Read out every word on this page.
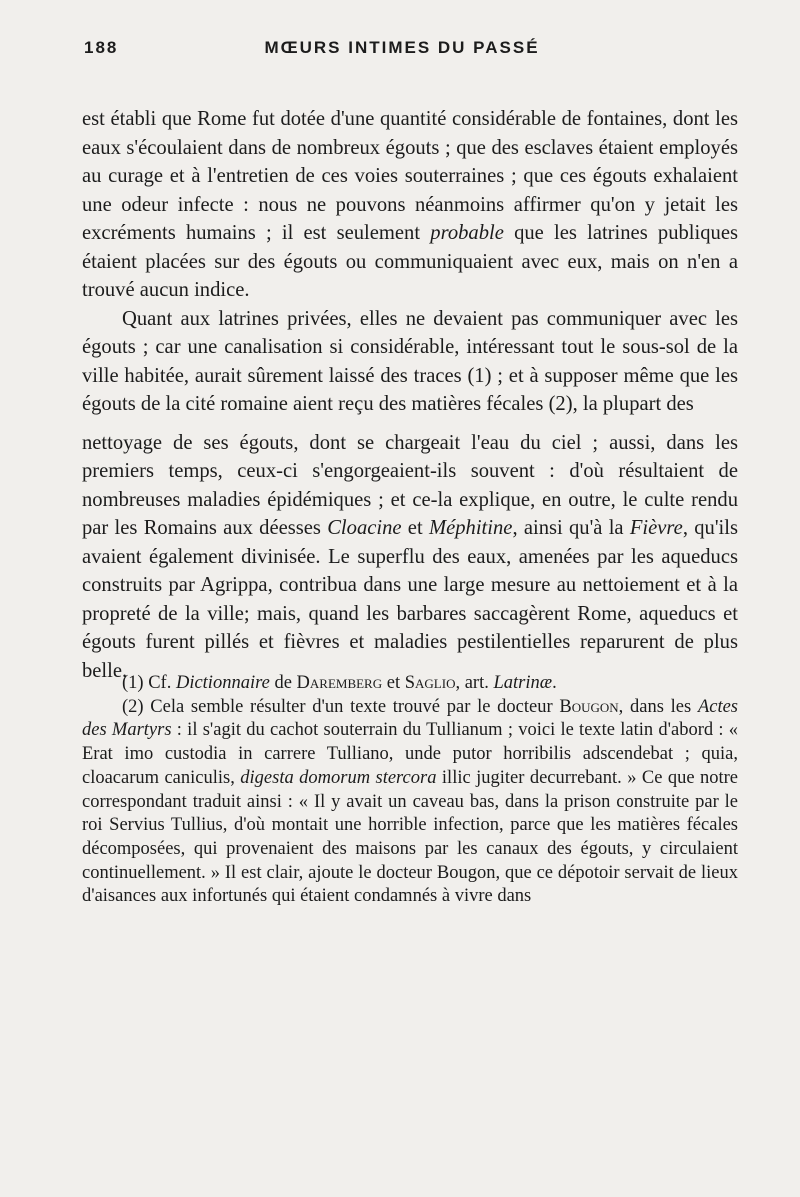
188	MŒURS INTIMES DU PASSÉ

est établi que Rome fut dotée d'une quantité considérable de fontaines, dont les eaux s'écoulaient dans de nombreux égouts ; que des esclaves étaient employés au curage et à l'entretien de ces voies souterraines ; que ces égouts exhalaient une odeur infecte : nous ne pouvons néanmoins affirmer qu'on y jetait les excréments humains ; il est seulement probable que les latrines publiques étaient placées sur des égouts ou communiquaient avec eux, mais on n'en a trouvé aucun indice.

Quant aux latrines privées, elles ne devaient pas communiquer avec les égouts ; car une canalisation si considérable, intéressant tout le sous-sol de la ville habitée, aurait sûrement laissé des traces (1) ; et à supposer même que les égouts de la cité romaine aient reçu des matières fécales (2), la plupart des

nettoyage de ses égouts, dont se chargeait l'eau du ciel ; aussi, dans les premiers temps, ceux-ci s'engorgeaient-ils souvent : d'où résultaient de nombreuses maladies épidémiques ; et ce-la explique, en outre, le culte rendu par les Romains aux déesses Cloacine et Méphitine, ainsi qu'à la Fièvre, qu'ils avaient également divinisée. Le superflu des eaux, amenées par les aqueducs construits par Agrippa, contribua dans une large mesure au nettoiement et à la propreté de la ville; mais, quand les barbares saccagèrent Rome, aqueducs et égouts furent pillés et fièvres et maladies pestilentielles reparurent de plus belle.

(1) Cf. Dictionnaire de Daremberg et Saglio, art. Latrinæ.

(2) Cela semble résulter d'un texte trouvé par le docteur Bougon, dans les Actes des Martyrs : il s'agit du cachot souterrain du Tullianum ; voici le texte latin d'abord : « Erat imo custodia in carrere Tulliano, unde putor horribilis adscendebat ; quia, cloacarum caniculis, digesta domorum stercora illic jugiter decurrebant. » Ce que notre correspondant traduit ainsi : « Il y avait un caveau bas, dans la prison construite par le roi Servius Tullius, d'où montait une horrible infection, parce que les matières fécales décomposées, qui provenaient des maisons par les canaux des égouts, y circulaient continuellement. » Il est clair, ajoute le docteur Bougon, que ce dépotoir servait de lieux d'aisances aux infortunés qui étaient condamnés à vivre dans
